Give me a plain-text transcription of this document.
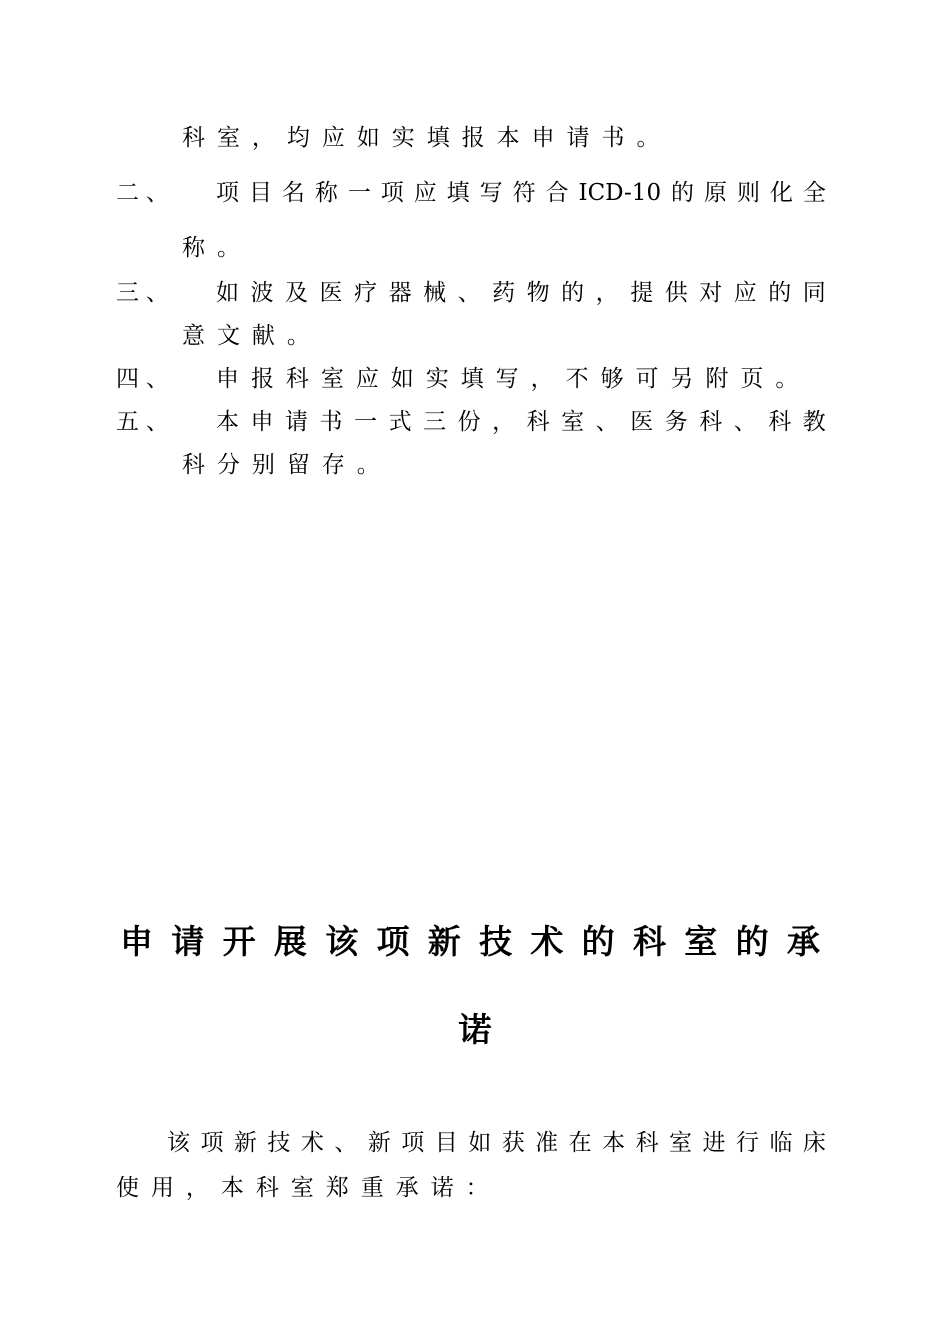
科室，均应如实填报本申请书。
二、 项 目 名 称 一 项 应 填 写 符 合 ICD-10 的 原 则 化 全
称。
三、 如 波 及 医 疗 器 械 、 药 物 的 ， 提 供 对 应 的 同
意文献。
四、 申报科室应如实填写，不够可另附页。
五、 本 申 请 书 一 式 三 份 ， 科 室 、 医 务 科 、 科 教
科分别留存。
申 请 开 展 该 项 新 技 术 的 科 室 的 承
诺
该 项 新 技 术 、 新 项 目 如 获 准 在 本 科 室 进 行 临 床
使用，本科室郑重承诺：
